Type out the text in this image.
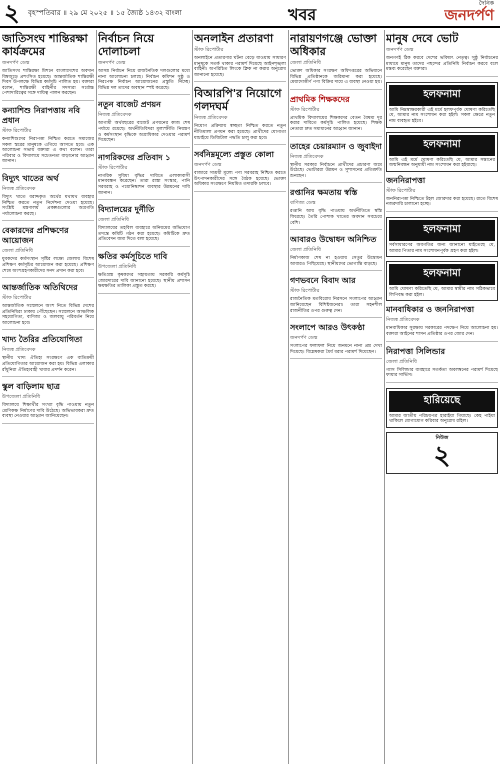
২ বৃহস্পতিবার ॥ ২৯ মে ২০২৫ ॥ ১৫ জ্যৈষ্ঠ ১৪৩২ বাংলা	খবর
দৈনিক
জনদর্পণ
জাতিসংঘ শান্তিরক্ষা কার্যক্রমের
জনদর্পণ ডেস্ক
জাতিসংঘ শান্তিরক্ষা মিশনে বাংলাদেশের অবদান বিশ্বজুড়ে প্রশংসিত হয়েছে। আন্তর্জাতিক শান্তিরক্ষী দিবস উপলক্ষে বিভিন্ন কর্মসূচি পালিত হয়। বক্তারা বলেন, শান্তিরক্ষী বাহিনীর সদস্যরা সর্বোচ্চ পেশাদারিত্বের সঙ্গে দায়িত্ব পালন করছেন।
কন্যাশিশু নিরাপত্তায় নবি প্রধান
স্টাফ রিপোর্টার
কন্যাশিশুদের নিরাপত্তা নিশ্চিত করতে সমাজের সকল স্তরের মানুষকে এগিয়ে আসতে হবে। এক আলোচনা সভায় বক্তারা এ কথা বলেন। তারা পরিবার ও বিদ্যালয়ে সচেতনতা বাড়ানোর আহ্বান জানান।
বিদ্যুৎ খাতের অর্থ
নিজস্ব প্রতিবেদক
বিদ্যুৎ খাতে বরাদ্দকৃত অর্থের যথাযথ ব্যবহার নিশ্চিত করতে নতুন নির্দেশনা দেওয়া হয়েছে। সংশ্লিষ্ট মন্ত্রণালয় প্রকল্পগুলোর অগ্রগতি পর্যালোচনা করছে।
বেকারদের প্রশিক্ষণের আয়োজন
জেলা প্রতিনিধি
যুবকদের কর্মসংস্থান সৃষ্টির লক্ষ্যে জেলায় বিশেষ প্রশিক্ষণ কর্মসূচির আয়োজন করা হয়েছে। প্রশিক্ষণ শেষে অংশগ্রহণকারীদের সনদ প্রদান করা হবে।
আন্তর্জাতিক অতিথিদের
স্টাফ রিপোর্টার
আন্তর্জাতিক সম্মেলনে অংশ নিতে বিভিন্ন দেশের প্রতিনিধিরা ঢাকায় পৌঁছেছেন। সম্মেলনে আঞ্চলিক সহযোগিতা, বাণিজ্য ও জলবায়ু পরিবর্তন নিয়ে আলোচনা হবে।
খাদ্য তৈরির প্রতিযোগিতা
নিজস্ব প্রতিবেদক
স্থানীয় খাদ্য ঐতিহ্য সংরক্ষণে এক ব্যতিক্রমী প্রতিযোগিতার আয়োজন করা হয়। বিভিন্ন এলাকার রাঁধুনিরা ঐতিহ্যবাহী খাবার প্রদর্শন করেন।
স্কুল বাড়িলাম ছাত্র
উপজেলা প্রতিনিধি
বিদ্যালয়ে শিক্ষার্থীর সংখ্যা বৃদ্ধি পাওয়ায় নতুন শ্রেণিকক্ষ নির্মাণের দাবি উঠেছে। অভিভাবকরা দ্রুত ব্যবস্থা নেওয়ার আহ্বান জানিয়েছেন।
নির্বাচন নিয়ে দোলাচলা
জনদর্পণ ডেস্ক
আসন্ন নির্বাচন নিয়ে রাজনৈতিক দলগুলোর মধ্যে নানা আলোচনা চলছে। নির্বাচন কমিশন সুষ্ঠু ও নিরপেক্ষ নির্বাচন আয়োজনের প্রস্তুতি নিচ্ছে। বিভিন্ন দল তাদের অবস্থান স্পষ্ট করেছে।
নতুন বাজেট প্রণয়ন
নিজস্ব প্রতিবেদক
আগামী অর্থবছরের বাজেট প্রণয়নের কাজ শেষ পর্যায়ে রয়েছে। অর্থনীতিবিদরা মূল্যস্ফীতি নিয়ন্ত্রণ ও কর্মসংস্থান বৃদ্ধিকে অগ্রাধিকার দেওয়ার পরামর্শ দিয়েছেন।
নাগরিকদের প্রতিবাদ ১
স্টাফ রিপোর্টার
নাগরিক সুবিধা বৃদ্ধির দাবিতে এলাকাবাসী মানববন্ধন করেছেন। তারা রাস্তা সংস্কার, পানি সরবরাহ ও পয়োনিষ্কাশন ব্যবস্থার উন্নয়নের দাবি জানান।
বিদ্যালয়ের দুর্নীতি
জেলা প্রতিনিধি
বিদ্যালয়ের তহবিল ব্যবহারে অনিয়মের অভিযোগ তদন্তে কমিটি গঠন করা হয়েছে। কমিটিকে দ্রুত প্রতিবেদন জমা দিতে বলা হয়েছে।
ক্ষতির কর্মসূচিতে দাবি
উপজেলা প্রতিনিধি
ক্ষতিগ্রস্ত কৃষকদের সহায়তায় সরকারি কর্মসূচি জোরদারের দাবি জানানো হয়েছে। স্থানীয় প্রশাসন ক্ষয়ক্ষতির তালিকা প্রস্তুত করছে।
অনলাইন প্রতারণা
স্টাফ রিপোর্টার
অনলাইনে প্রতারণার ঘটনা বেড়ে যাওয়ায় সাধারণ মানুষকে সতর্ক থাকার পরামর্শ দিয়েছে আইনশৃঙ্খলা বাহিনী। অপরিচিত লিংকে ক্লিক না করার অনুরোধ জানানো হয়েছে।
বিআরপি'র নিয়োগে গলদঘর্ম
নিজস্ব প্রতিবেদক
নিয়োগ প্রক্রিয়ায় স্বচ্ছতা নিশ্চিত করতে নতুন নীতিমালা প্রণয়ন করা হয়েছে। প্রার্থীদের যোগ্যতা যাচাইয়ে ডিজিটাল পদ্ধতি চালু করা হবে।
সর্বনিম্নমূল্যে প্রস্তুত কোলা
জনদর্পণ ডেস্ক
বাজারে সাশ্রয়ী মূল্যে পণ্য সরবরাহ নিশ্চিত করতে উৎপাদনকারীদের সঙ্গে বৈঠক হয়েছে। ভোক্তা অধিকার সংরক্ষণে নিয়মিত তদারকি চলবে।
নারায়ণগঞ্জে ভোক্তা অধিকার
জেলা প্রতিনিধি
ভোক্তা অধিকার সংরক্ষণ অধিদপ্তরের অভিযানে বিভিন্ন প্রতিষ্ঠানকে জরিমানা করা হয়েছে। মেয়াদোত্তীর্ণ পণ্য বিক্রির দায়ে এ ব্যবস্থা নেওয়া হয়।
প্রাথমিক শিক্ষকদের
স্টাফ রিপোর্টার
প্রাথমিক বিদ্যালয়ের শিক্ষকদের বেতন বৈষম্য দূর করার দাবিতে কর্মসূচি পালিত হয়েছে। শিক্ষক নেতারা দ্রুত সমাধানের আহ্বান জানান।
তাহের চেয়ারম্যান ও জুবাইদা
নিজস্ব প্রতিবেদক
স্থানীয় সরকার নির্বাচনে প্রার্থীদের প্রচারণা জমে উঠেছে। ভোটাররা উন্নয়ন ও সুশাসনের প্রতিশ্রুতি শুনছেন।
রপ্তানির ক্ষমতায় স্বস্তি
বাণিজ্য ডেস্ক
রপ্তানি আয় বৃদ্ধি পাওয়ায় অর্থনীতিতে স্বস্তি ফিরেছে। তৈরি পোশাক খাতের অবদান সবচেয়ে বেশি।
আবারও উদ্বোধন অনিশ্চিত
জেলা প্রতিনিধি
নির্মাণকাজ শেষ না হওয়ায় সেতুর উদ্বোধন আবারও পিছিয়েছে। স্থানীয়দের ভোগান্তি বাড়ছে।
গণভবনে বিবাদ আর
স্টাফ রিপোর্টার
রাজনৈতিক মতবিরোধ নিরসনে সংলাপের আহ্বান জানিয়েছেন বিশিষ্টজনেরা। তারা সহনশীল রাজনীতির ওপর গুরুত্ব দেন।
সংলাপে আরও উৎকণ্ঠা
জনদর্পণ ডেস্ক
সংলাপের ফলাফল নিয়ে জনমনে নানা প্রশ্ন দেখা দিয়েছে। বিশ্লেষকরা ধৈর্য ধরার পরামর্শ দিয়েছেন।
মানুষ দেবে ভোট
জনদর্পণ ডেস্ক
জনগণই ঠিক করবে দেশের ভবিষ্যৎ নেতৃত্ব। সুষ্ঠু নির্বাচনের মাধ্যমে মানুষ তাদের পছন্দের প্রতিনিধি নির্বাচন করবে বলে মন্তব্য করেছেন বক্তারা।
হলফনামা
আমি নিম্নস্বাক্ষরকারী এই মর্মে হলফপূর্বক ঘোষণা করিতেছি যে, আমার নাম সংশোধন করা হইল। সকল ক্ষেত্রে নতুন নাম ব্যবহৃত হইবে।
হলফনামা
আমি এই মর্মে ঘোষণা করিতেছি যে, আমার সন্তানের জন্মনিবন্ধন অনুযায়ী নাম সংশোধন করা হইয়াছে।
জননিরাপত্তা
স্টাফ রিপোর্টার
জননিরাপত্তা নিশ্চিতে টহল জোরদার করা হয়েছে। রাতে বিশেষ নজরদারি চালানো হচ্ছে।
হলফনামা
সর্বসাধারণের অবগতির জন্য জানানো যাইতেছে যে, আমার পিতার নাম সংশোধনপূর্বক গ্রহণ করা হইল।
হলফনামা
আমি ঘোষণা করিতেছি যে, আমার স্বামীর নাম সঠিকভাবে লিপিবদ্ধ করা হইল।
মানবাধিকার ও জননিরাপত্তা
নিজস্ব প্রতিবেদক
মানবাধিকার সুরক্ষায় সরকারের পদক্ষেপ নিয়ে আলোচনা হয়। বক্তারা আইনের শাসন প্রতিষ্ঠার ওপর জোর দেন।
নিরাপত্তা সিলিন্ডার
জেলা প্রতিনিধি
গ্যাস সিলিন্ডার ব্যবহারে সতর্কতা অবলম্বনের পরামর্শ দিয়েছে ফায়ার সার্ভিস।
হারিয়েছে
আমার জাতীয় পরিচয়পত্র হারাইয়া গিয়াছে। কেহ পাইয়া থাকিলে যোগাযোগ করিবার অনুরোধ রহিল।
নিউজ
২
